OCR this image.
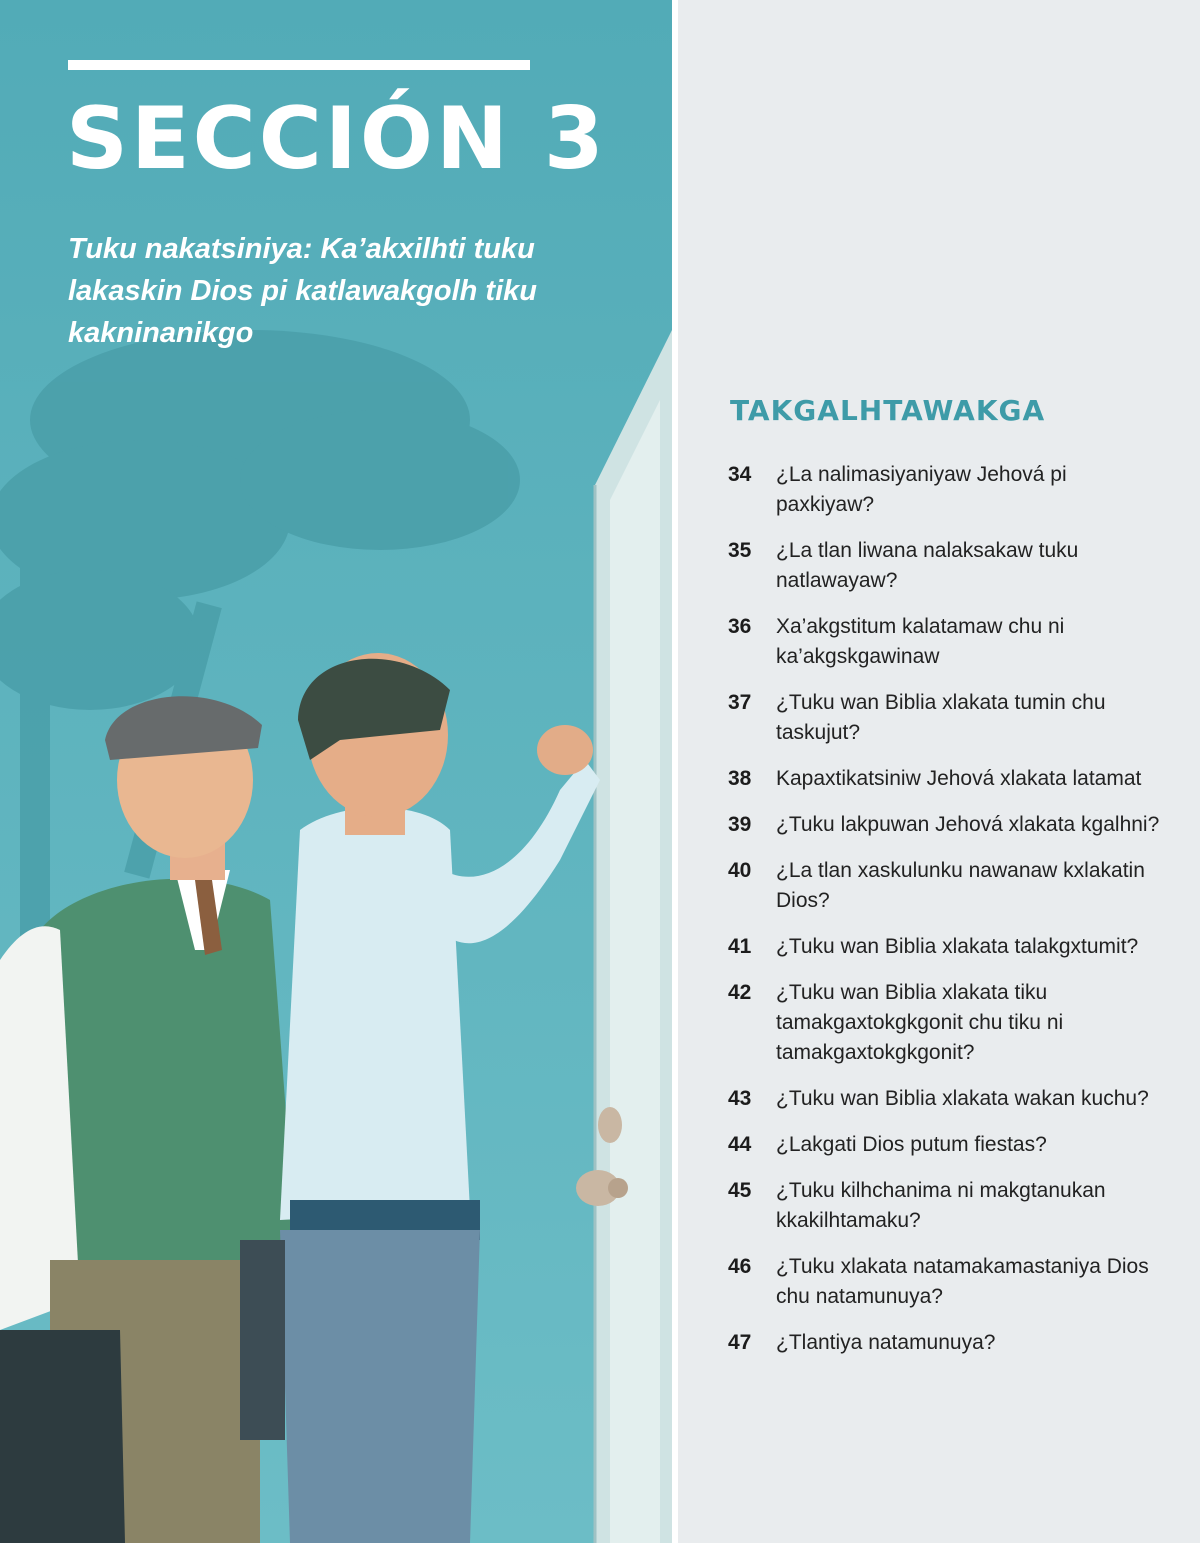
SECCIÓN 3

Tuku nakatsiniya: Ka’akxilhti tuku lakaskin Dios pi katlawakgolh tiku kakninanikgo

TAKGALHTAWAKGA
34	¿La nalimasiyaniyaw Jehová pi paxkiyaw?
35	¿La tlan liwana nalaksakaw tuku natlawayaw?
36	Xa’akgstitum kalatamaw chu ni ka’akgskgawinaw
37	¿Tuku wan Biblia xlakata tumin chu taskujut?
38	Kapaxtikatsiniw Jehová xlakata latamat
39	¿Tuku lakpuwan Jehová xlakata kgalhni?
40	¿La tlan xaskulunku nawanaw kxlakatin Dios?
41	¿Tuku wan Biblia xlakata talakgxtumit?
42	¿Tuku wan Biblia xlakata tiku tamakgaxtokgkgonit chu tiku ni tamakgaxtokgkgonit?
43	¿Tuku wan Biblia xlakata wakan kuchu?
44	¿Lakgati Dios putum fiestas?
45	¿Tuku kilhchanima ni makgtanukan kkakilhtamaku?
46	¿Tuku xlakata natamakamastaniya Dios chu natamunuya?
47	¿Tlantiya natamunuya?
